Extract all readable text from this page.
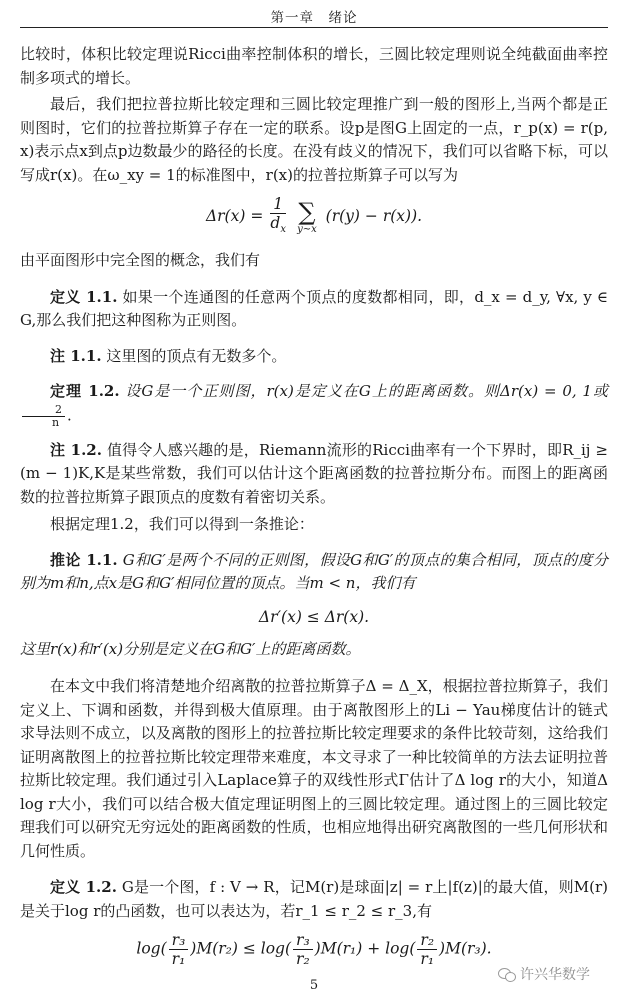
第一章　绪论

比较时，体积比较定理说Ricci曲率控制体积的增长，三圆比较定理则说全纯截面曲率控制多项式的增长。

最后，我们把拉普拉斯比较定理和三圆比较定理推广到一般的图形上,当两个都是正则图时，它们的拉普拉斯算子存在一定的联系。设p是图G上固定的一点，r_p(x) = r(p, x)表示点x到点p边数最少的路径的长度。在没有歧义的情况下，我们可以省略下标，可以写成r(x)。在ω_xy = 1的标准图中，r(x)的拉普拉斯算子可以写为

$\Delta r(x) = \frac{1}{d_x}$
∑
y∼x
(r(y) − r(x)).

由平面图形中完全图的概念，我们有

定义 1.1. 如果一个连通图的任意两个顶点的度数都相同，即，d_x = d_y, ∀x, y ∈ G,那么我们把这种图称为正则图。

注 1.1. 这里图的顶点有无数多个。

定理 1.2. 设G是一个正则图，r(x)是定义在G上的距离函数。则Δr(x) = 0, 1或
$\frac{2}{n}$ .

注 1.2. 值得令人感兴趣的是，Riemann流形的Ricci曲率有一个下界时，即R_ij ≥ (m − 1)K,K是某些常数，我们可以估计这个距离函数的拉普拉斯分布。而图上的距离函数的拉普拉斯算子跟顶点的度数有着密切关系。

根据定理1.2，我们可以得到一条推论：

推论 1.1. G和G′是两个不同的正则图，假设G和G′的顶点的集合相同，顶点的度分别为m和n,点x是G和G′相同位置的顶点。当m < n，我们有

Δr′(x) ≤ Δr(x).

这里r(x)和r′(x)分别是定义在G和G′上的距离函数。

在本文中我们将清楚地介绍离散的拉普拉斯算子Δ = Δ_X，根据拉普拉斯算子，我们定义上、下调和函数，并得到极大值原理。由于离散图形上的Li − Yau梯度估计的链式求导法则不成立，以及离散的图形上的拉普拉斯比较定理要求的条件比较苛刻，这给我们证明离散图上的拉普拉斯比较定理带来难度，本文寻求了一种比较简单的方法去证明拉普拉斯比较定理。我们通过引入Laplace算子的双线性形式Γ估计了Δ log r的大小，知道Δ log r大小，我们可以结合极大值定理证明图上的三圆比较定理。通过图上的三圆比较定理我们可以研究无穷远处的距离函数的性质，也相应地得出研究离散图的一些几何形状和几何性质。

定义 1.2. G是一个图，f : V → R，记M(r)是球面|z| = r上|f(z)|的最大值，则M(r)是关于log r的凸函数，也可以表达为，若r_1 ≤ r_2 ≤ r_3,有

$\log( \frac{\text{r₃}}{\text{r₁}} )M(r_2) \le \log( \frac{\text{r₃}}{\text{r₂}} )M(r_1) + \log( \frac{\text{r₂}}{\text{r₁}} )M(r_3)$.
许兴华数学
5
